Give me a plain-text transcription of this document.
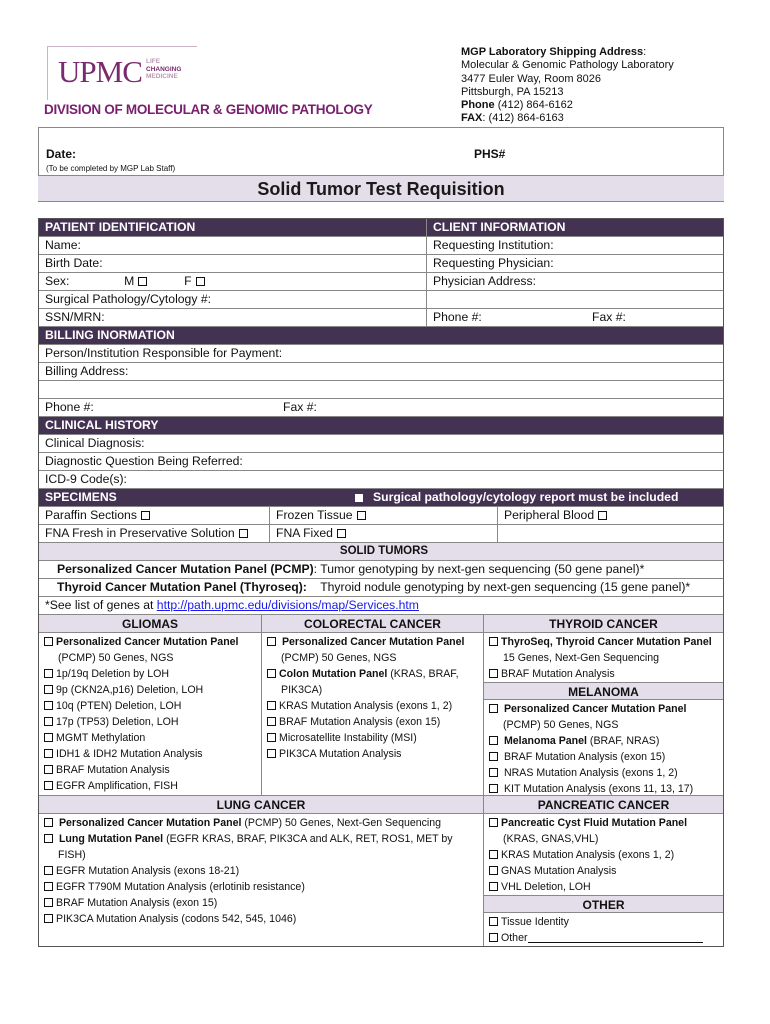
UPMC LIFE
CHANGING
MEDICINE
DIVISION OF MOLECULAR & GENOMIC PATHOLOGY
MGP Laboratory Shipping Address:
Molecular & Genomic Pathology Laboratory
3477 Euler Way, Room 8026
Pittsburgh, PA 15213
Phone (412) 864-6162
FAX: (412) 864-6163
Date:
(To be completed by MGP Lab Staff)
PHS#
Solid Tumor Test Requisition
PATIENT IDENTIFICATION	CLIENT INFORMATION
Name:	Requesting Institution:
Birth Date:	Requesting Physician:
Sex:	M	F	Physician Address:
Surgical Pathology/Cytology #:
SSN/MRN:	Phone #:	Fax #:
BILLING INORMATION
Person/Institution Responsible for Payment:
Billing Address:
Phone #:	Fax #:
CLINICAL HISTORY
Clinical Diagnosis:
Diagnostic Question Being Referred:
ICD-9 Code(s):
SPECIMENS	Surgical pathology/cytology report must be included
Paraffin Sections	Frozen Tissue	Peripheral Blood
FNA Fresh in Preservative Solution	FNA Fixed
SOLID TUMORS
Personalized Cancer Mutation Panel (PCMP): Tumor genotyping by next-gen sequencing (50 gene panel)*
Thyroid Cancer Mutation Panel (Thyroseq): Thyroid nodule genotyping by next-gen sequencing (15 gene panel)*
*See list of genes at http://path.upmc.edu/divisions/map/Services.htm
GLIOMAS
Personalized Cancer Mutation Panel
(PCMP) 50 Genes, NGS
1p/19q Deletion by LOH
9p (CKN2A,p16) Deletion, LOH
10q (PTEN) Deletion, LOH
17p (TP53) Deletion, LOH
MGMT Methylation
IDH1 & IDH2 Mutation Analysis
BRAF Mutation Analysis
EGFR Amplification, FISH
COLORECTAL CANCER
Personalized Cancer Mutation Panel
(PCMP) 50 Genes, NGS
Colon Mutation Panel (KRAS, BRAF,
PIK3CA)
KRAS Mutation Analysis (exons 1, 2)
BRAF Mutation Analysis (exon 15)
Microsatellite Instability (MSI)
PIK3CA Mutation Analysis
THYROID CANCER
ThyroSeq, Thyroid Cancer Mutation Panel
15 Genes, Next-Gen Sequencing
BRAF Mutation Analysis
MELANOMA
Personalized Cancer Mutation Panel
(PCMP) 50 Genes, NGS
Melanoma Panel (BRAF, NRAS)
BRAF Mutation Analysis (exon 15)
NRAS Mutation Analysis (exons 1, 2)
KIT Mutation Analysis (exons 11, 13, 17)
LUNG CANCER
Personalized Cancer Mutation Panel (PCMP) 50 Genes, Next-Gen Sequencing
Lung Mutation Panel (EGFR KRAS, BRAF, PIK3CA and ALK, RET, ROS1, MET by
FISH)
EGFR Mutation Analysis (exons 18-21)
EGFR T790M Mutation Analysis (erlotinib resistance)
BRAF Mutation Analysis (exon 15)
PIK3CA Mutation Analysis (codons 542, 545, 1046)
PANCREATIC CANCER
Pancreatic Cyst Fluid Mutation Panel
(KRAS, GNAS,VHL)
KRAS Mutation Analysis (exons 1, 2)
GNAS Mutation Analysis
VHL Deletion, LOH
OTHER
Tissue Identity
Other
